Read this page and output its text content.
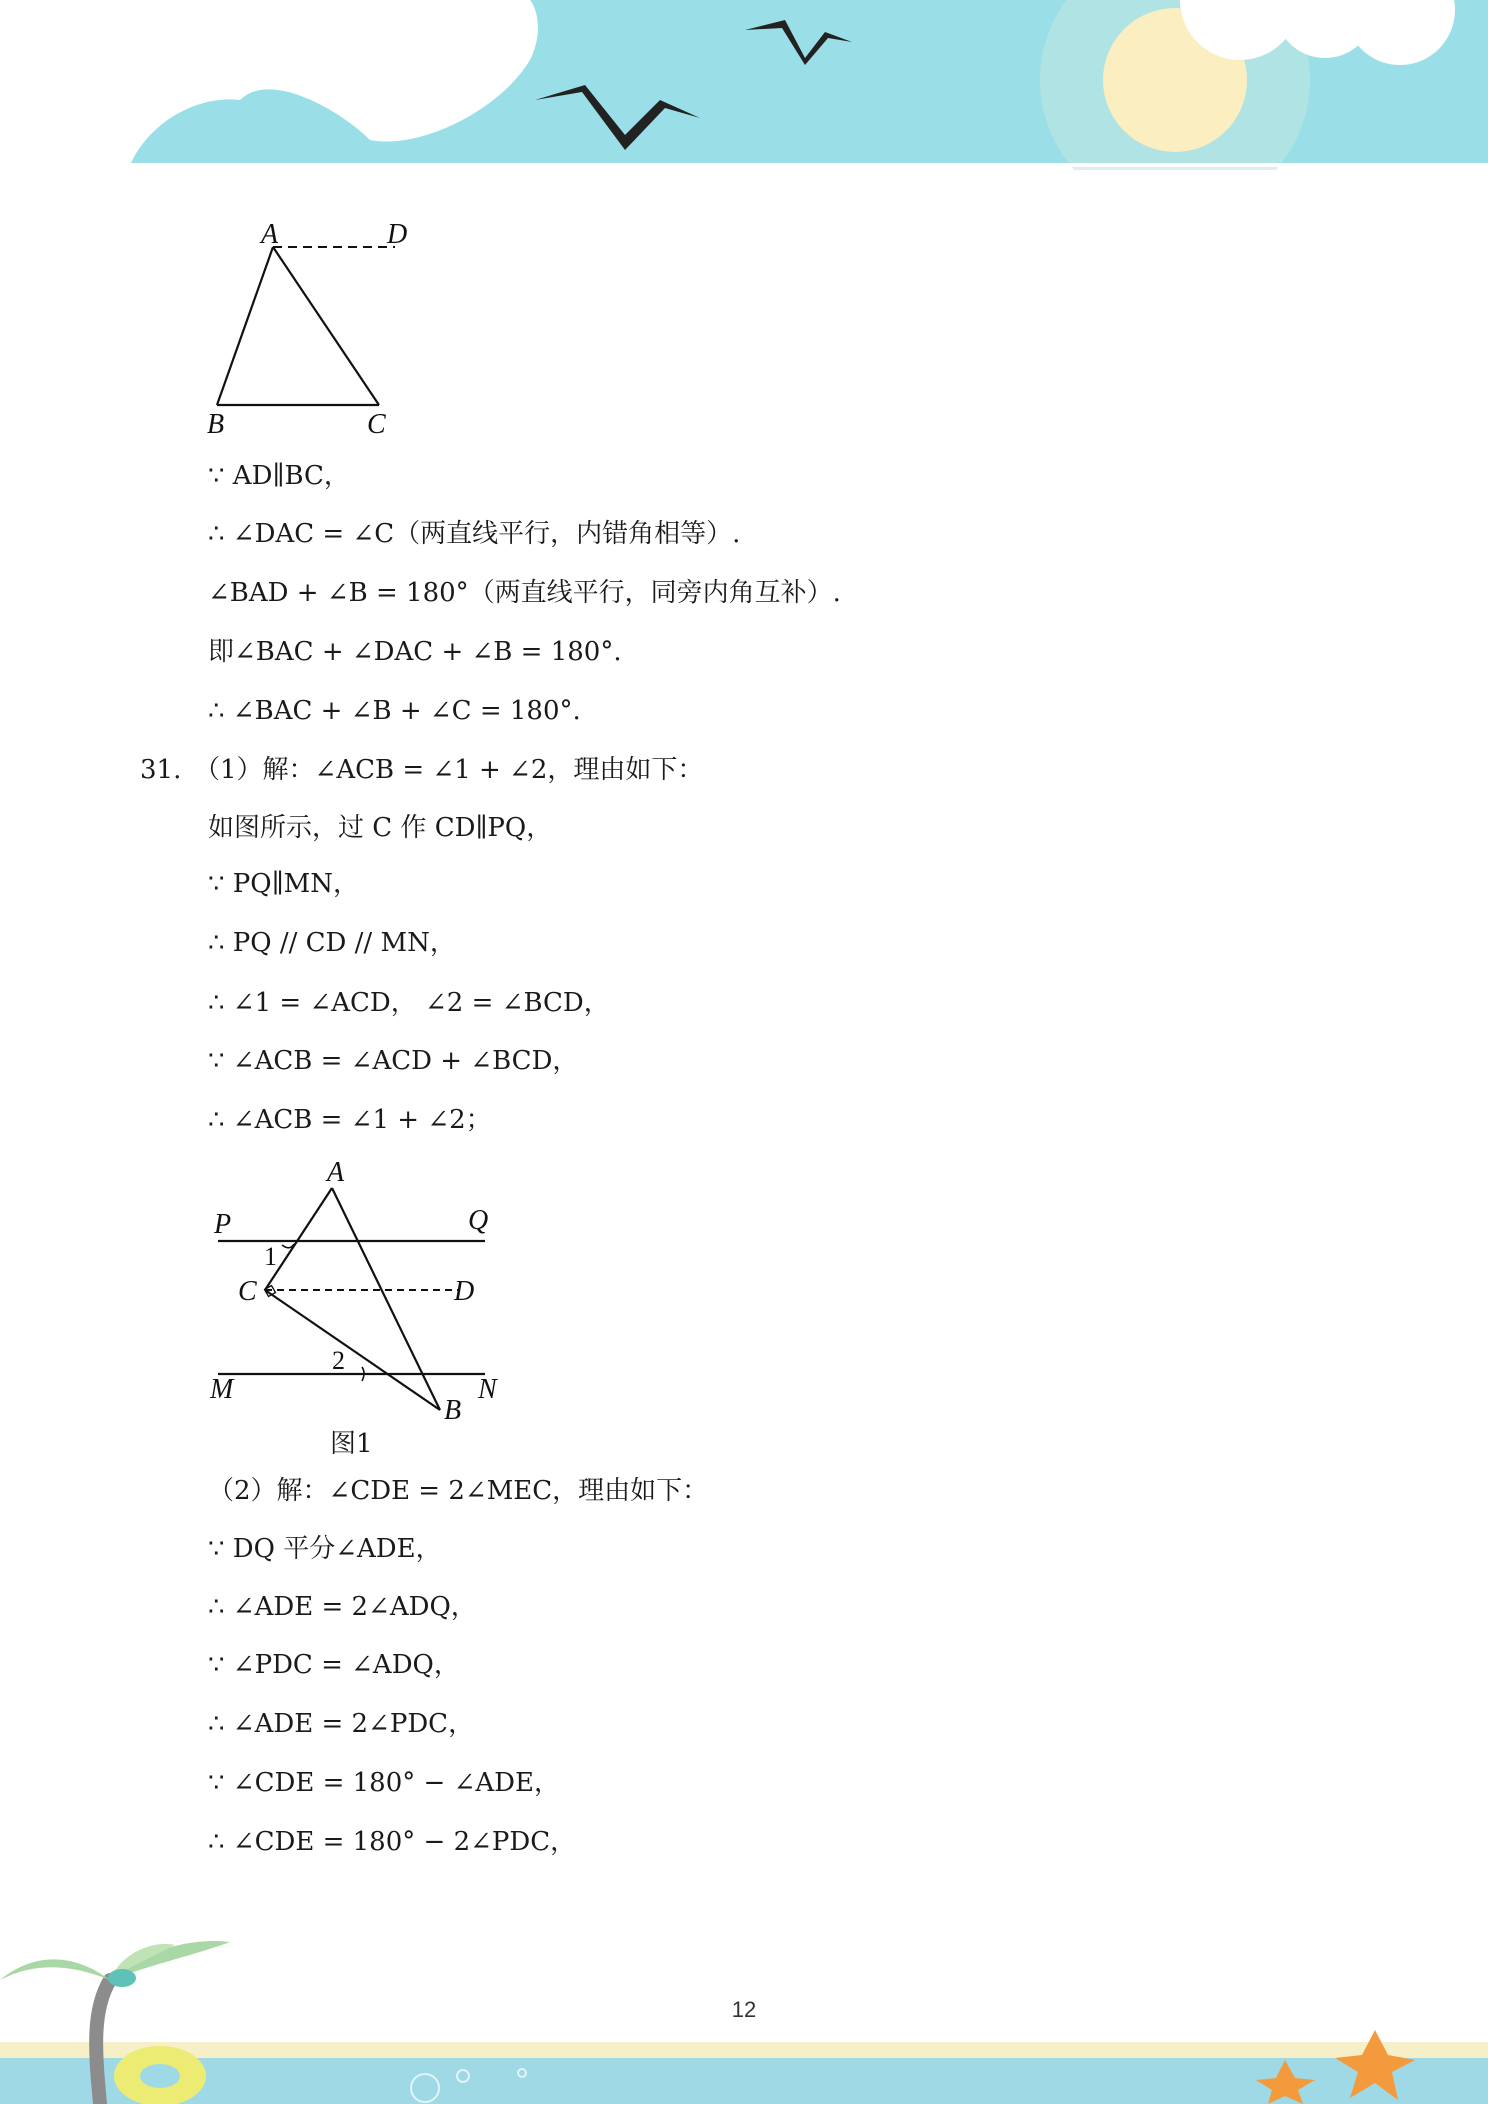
A	D
B	C
∵ AD∥BC，
∴ ∠DAC = ∠C（两直线平行，内错角相等）.
∠BAD + ∠B = 180°（两直线平行，同旁内角互补）.
即∠BAC + ∠DAC + ∠B = 180°.
∴ ∠BAC + ∠B + ∠C = 180°.
31. （1）解：∠ACB = ∠1 + ∠2，理由如下：
如图所示，过 C 作 CD∥PQ，
∵ PQ∥MN，
∴ PQ // CD // MN，
∴ ∠1 = ∠ACD， ∠2 = ∠BCD，
∵ ∠ACB = ∠ACD + ∠BCD，
∴ ∠ACB = ∠1 + ∠2；
A
P	Q
1
C	D
2
M
B
N
图1
（2）解：∠CDE = 2∠MEC，理由如下：
∵ DQ 平分∠ADE，
∴ ∠ADE = 2∠ADQ，
∵ ∠PDC = ∠ADQ，
∴ ∠ADE = 2∠PDC，
∵ ∠CDE = 180° − ∠ADE，
∴ ∠CDE = 180° − 2∠PDC，
12
